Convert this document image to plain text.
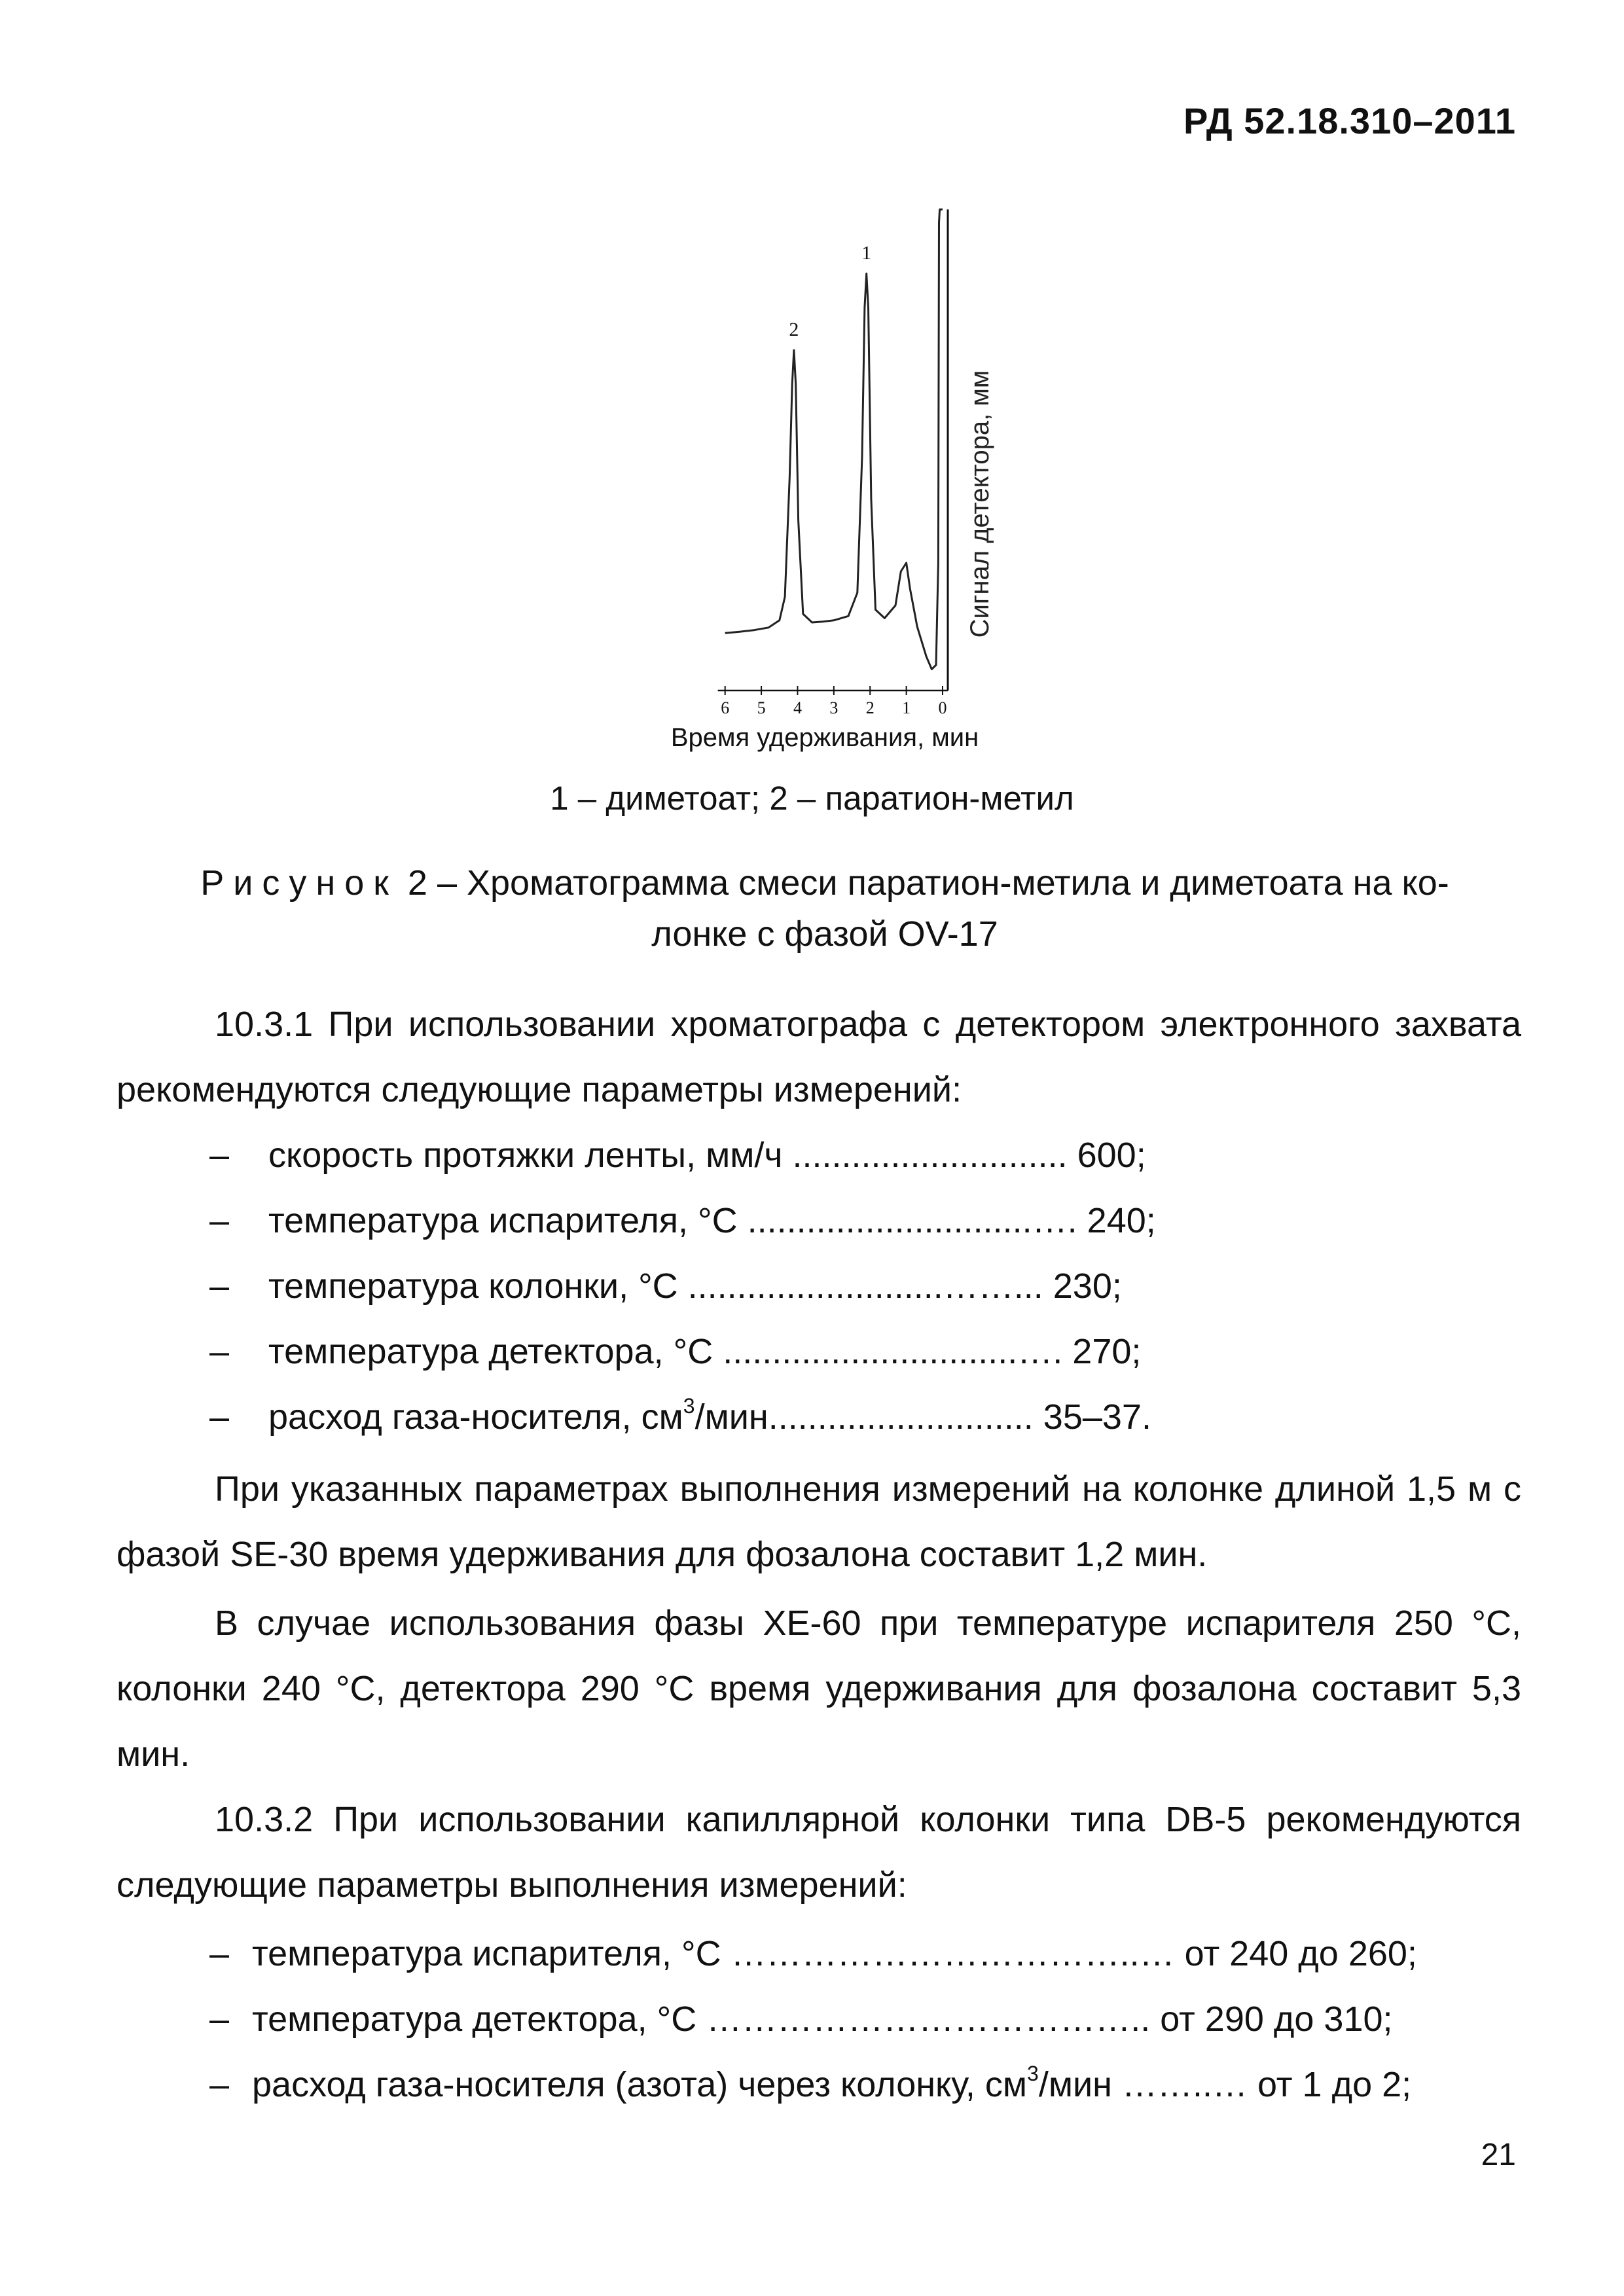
РД 52.18.310–2011
6 5 4 3 2 1 0
1
2
Сигнал детектора, мм
Время удерживания, мин
1 – диметоат; 2 – паратион-метил
Рисунок 2 – Хроматограмма смеси паратион-метила и диметоата на ко-
лонке с фазой OV-17
10.3.1 При использовании хроматографа с детектором электронного захвата рекомендуются следующие параметры измерений:
– скорость протяжки ленты, мм/ч ............................ 600;
– температура испарителя, °C .............................…. 240;
– температура колонки, °C ..........................……... 230;
– температура детектора, °C ..............................…. 270;
– расход газа-носителя, $см^3$/мин........................... 35–37.
При указанных параметрах выполнения измерений на колонке длиной 1,5 м с фазой SE-30 время удерживания для фозалона составит 1,2 мин.
В случае использования фазы XE-60 при температуре испарителя 250 °C, колонки 240 °C, детектора 290 °C время удерживания для фозалона составит 5,3 мин.
10.3.2 При использовании капиллярной колонки типа DB-5 рекомендуются следующие параметры выполнения измерений:
– температура испарителя, °C ……………………………..… от 240 до 260;
– температура детектора, °C ……………………………….. от 290 до 310;
– расход газа-носителя (азота) через колонку, $см^3$/мин ……..… от 1 до 2;
21
